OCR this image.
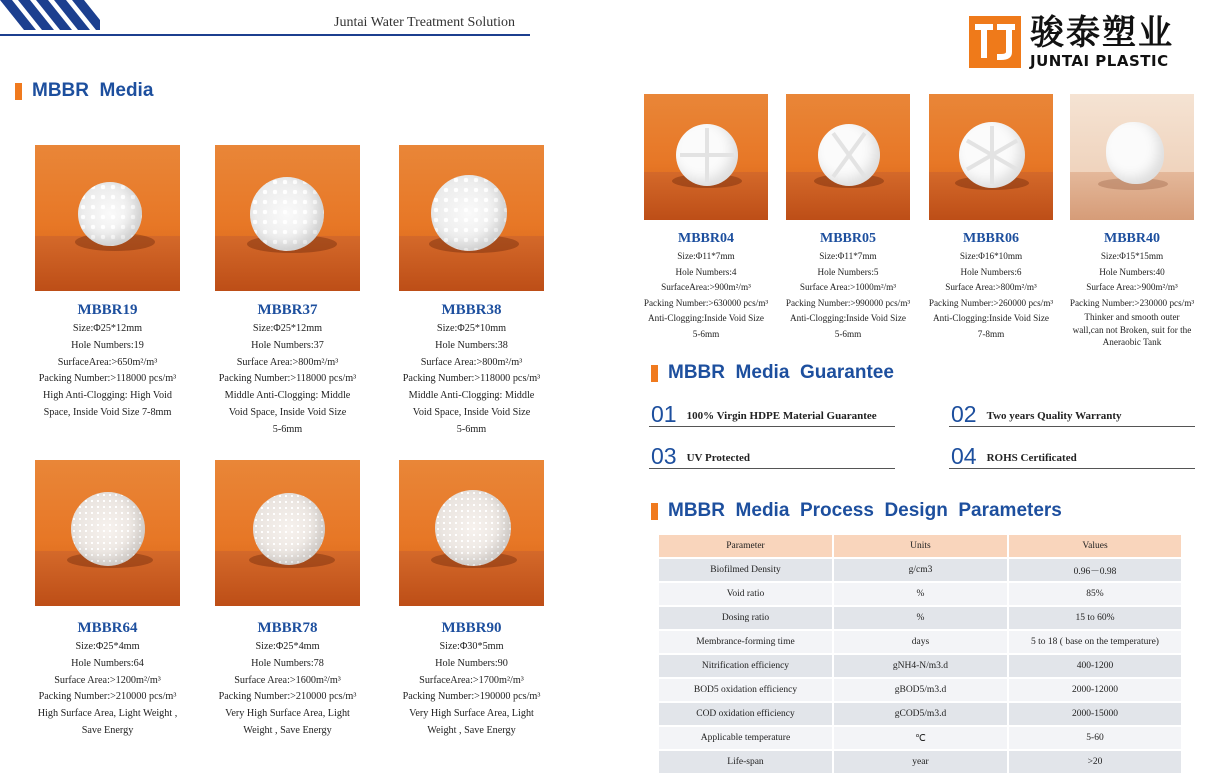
Juntai Water Treatment Solution	骏泰塑业
JUNTAI PLASTIC
MBBR  Media
MBBR19
Size:Φ25*12mm
Hole Numbers:19
SurfaceArea:>650m²/m³
Packing Number:>118000 pcs/m³
High Anti-Clogging: High Void
Space, Inside Void Size 7-8mm
MBBR37
Size:Φ25*12mm
Hole Numbers:37
Surface Area:>800m²/m³
Packing Number:>118000 pcs/m³
Middle Anti-Clogging: Middle
Void Space, Inside Void Size
5-6mm
MBBR38
Size:Φ25*10mm
Hole Numbers:38
Surface Area:>800m²/m³
Packing Number:>118000 pcs/m³
Middle Anti-Clogging: Middle
Void Space, Inside Void Size
5-6mm
MBBR64
Size:Φ25*4mm
Hole Numbers:64
Surface Area:>1200m²/m³
Packing Number:>210000 pcs/m³
High Surface Area, Light Weight ,
Save Energy
MBBR78
Size:Φ25*4mm
Hole Numbers:78
Surface Area:>1600m²/m³
Packing Number:>210000 pcs/m³
Very High Surface Area, Light
Weight , Save Energy
MBBR90
Size:Φ30*5mm
Hole Numbers:90
SurfaceArea:>1700m²/m³
Packing Number:>190000 pcs/m³
Very High Surface Area, Light
Weight , Save Energy
MBBR04
Size:Φ11*7mm
Hole Numbers:4
SurfaceArea:>900m²/m³
Packing Number:>630000 pcs/m³
Anti-Clogging:Inside Void Size
5-6mm
MBBR05
Size:Φ11*7mm
Hole Numbers:5
Surface Area:>1000m²/m³
Packing Number:>990000 pcs/m³
Anti-Clogging:Inside Void Size
5-6mm
MBBR06
Size:Φ16*10mm
Hole Numbers:6
Surface Area:>800m²/m³
Packing Number:>260000 pcs/m³
Anti-Clogging:Inside Void Size
7-8mm
MBBR40
Size:Φ15*15mm
Hole Numbers:40
Surface Area:>900m²/m³
Packing Number:>230000 pcs/m³
Thinker and smooth outer
wall,can not Broken, suit for the
Aneraobic Tank
MBBR  Media  Guarantee
01 100% Virgin HDPE Material Guarantee	02 Two years Quality Warranty
03 UV Protected	04 ROHS Certificated
MBBR  Media  Process  Design  Parameters
Parameter	Units	Values
Biofilmed Density	g/cm3	0.96－0.98
Void ratio	%	85%
Dosing ratio	%	15 to 60%
Membrance-forming time	days	5 to 18 ( base on the temperature)
Nitrification efficiency	gNH4-N/m3.d	400-1200
BOD5 oxidation efficiency	gBOD5/m3.d	2000-12000
COD oxidation efficiency	gCOD5/m3.d	2000-15000
Applicable temperature	℃	5-60
Life-span	year	>20
